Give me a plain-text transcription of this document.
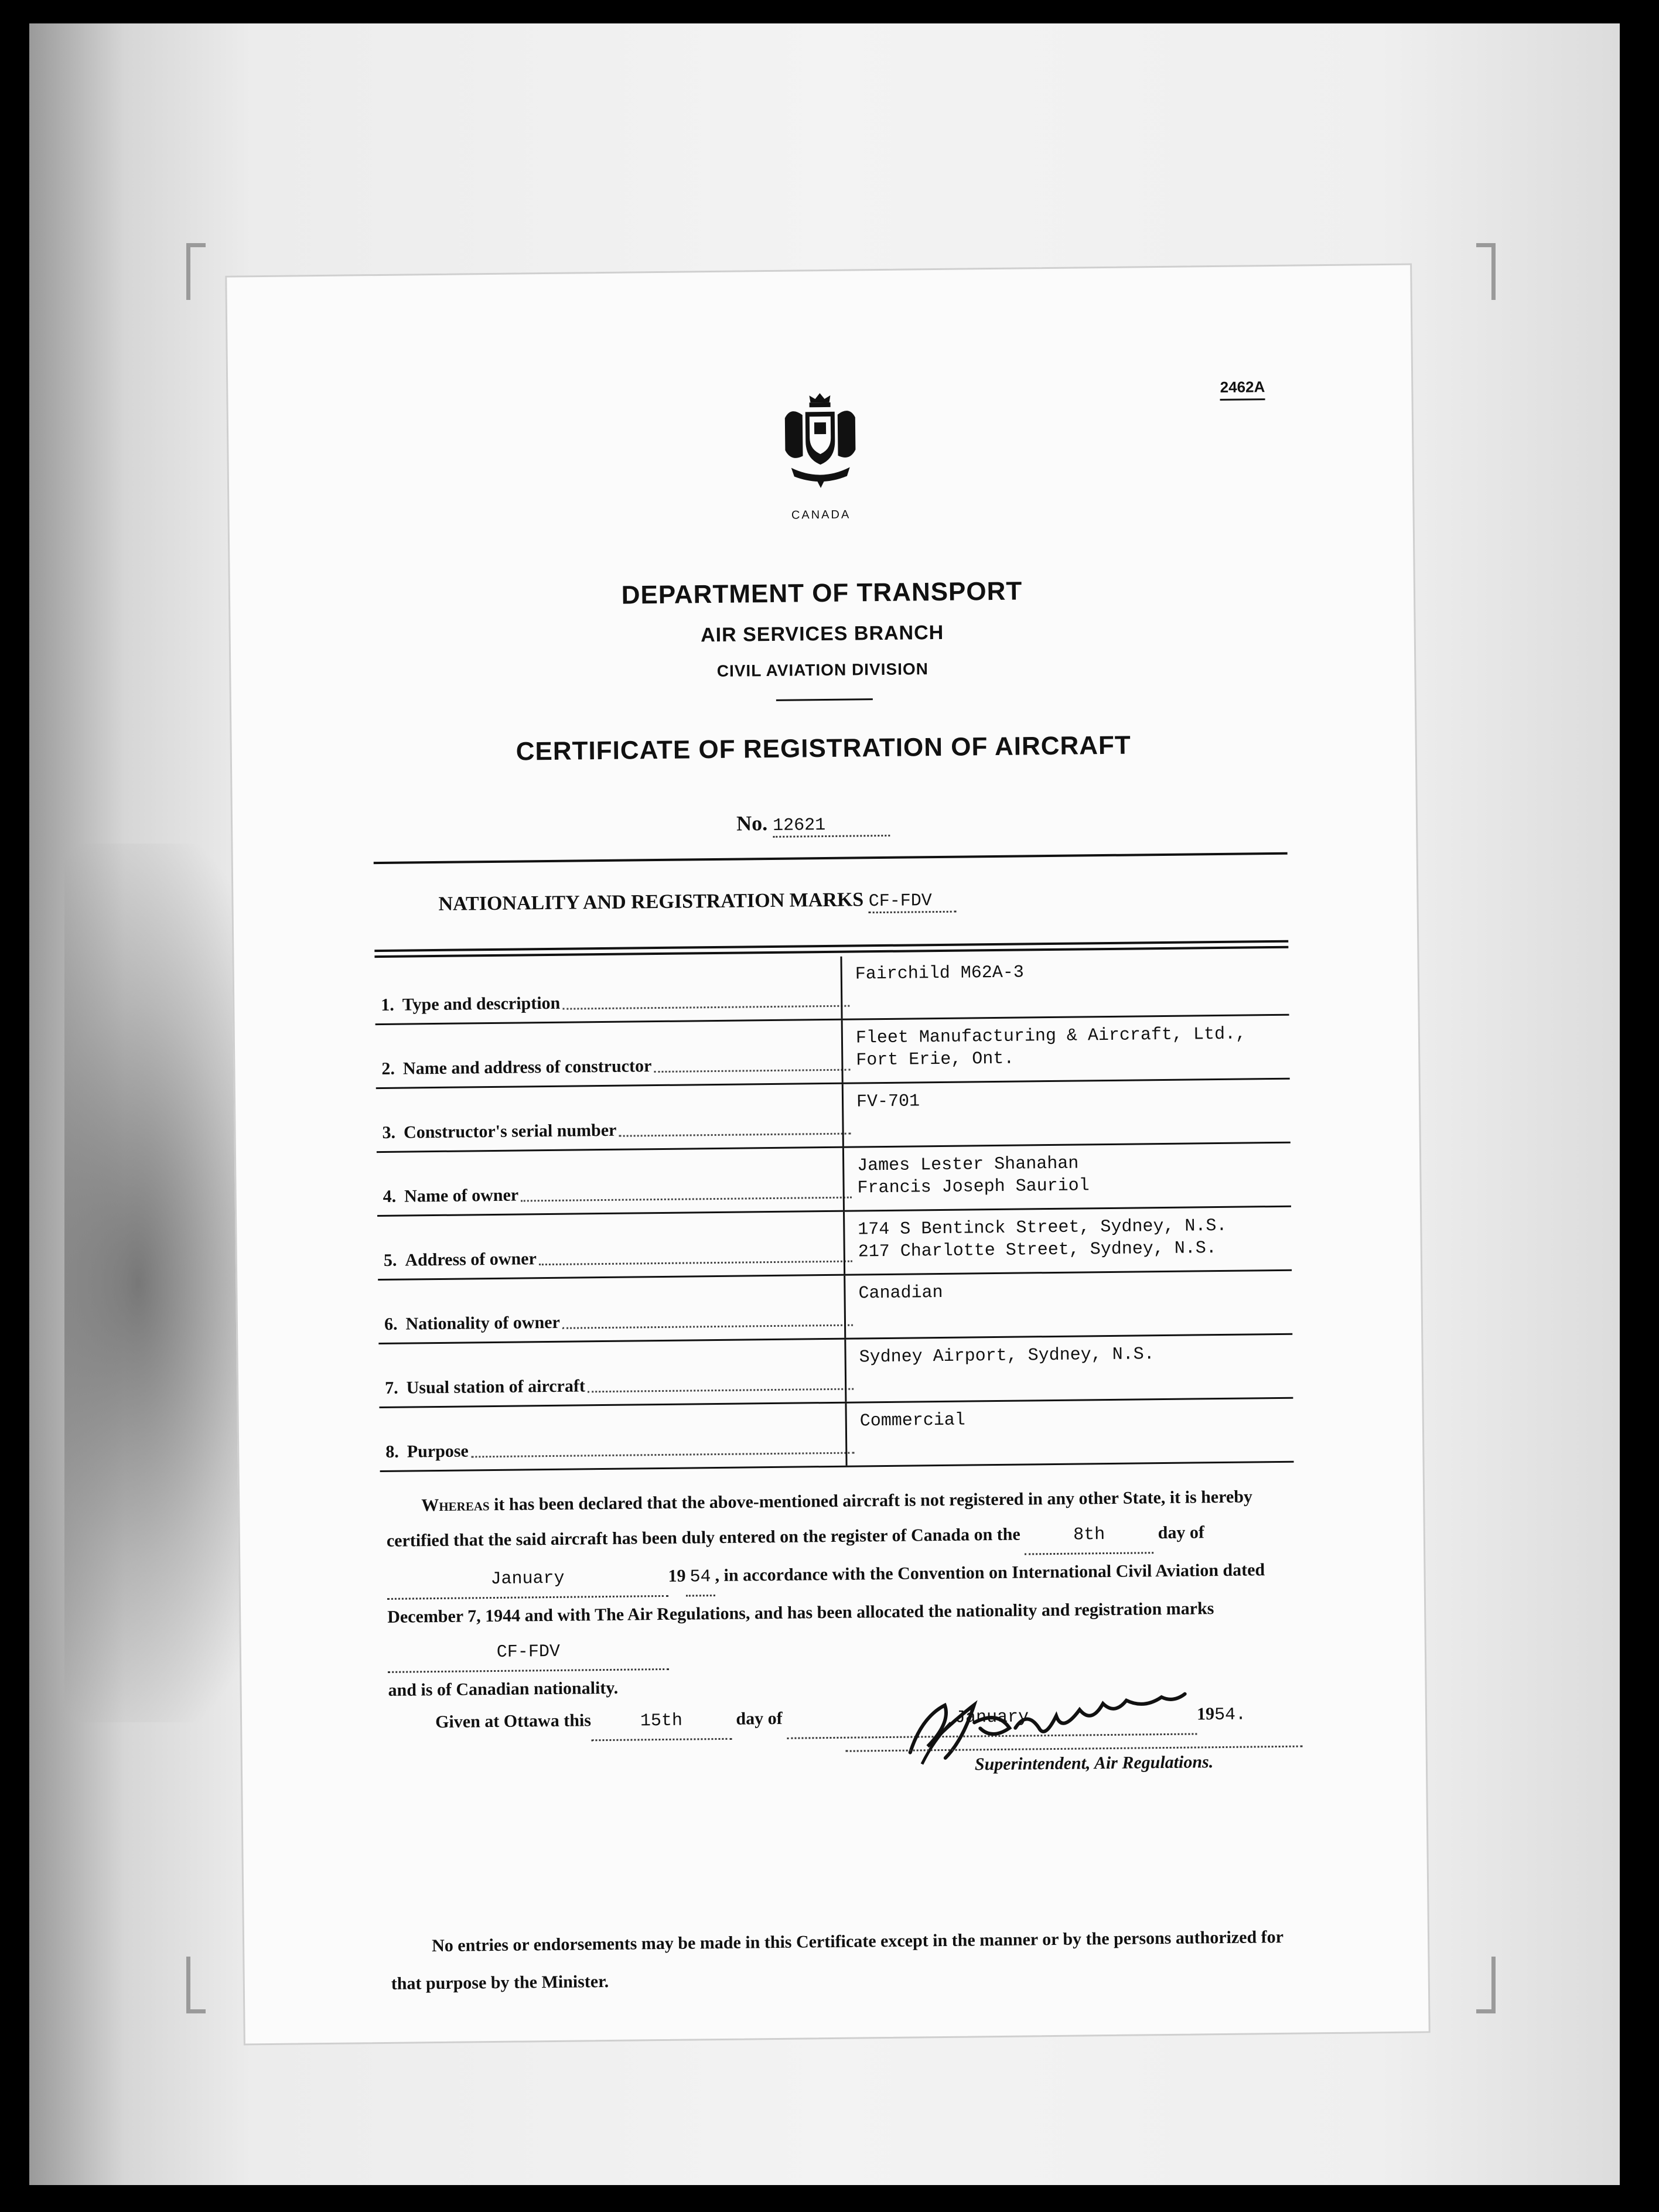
2462A
CANADA
DEPARTMENT OF TRANSPORT
AIR SERVICES BRANCH
CIVIL AVIATION DIVISION
CERTIFICATE OF REGISTRATION OF AIRCRAFT
No. 12621
NATIONALITY AND REGISTRATION MARKS CF-FDV
1. Type and description
Fairchild M62A-3
2. Name and address of constructor
Fleet Manufacturing & Aircraft, Ltd.,
Fort Erie, Ont.
3. Constructor's serial number
FV-701
4. Name of owner
James Lester Shanahan
Francis Joseph Sauriol
5. Address of owner
174 S Bentinck Street, Sydney, N.S.
217 Charlotte Street, Sydney, N.S.
6. Nationality of owner
Canadian
7. Usual station of aircraft
Sydney Airport, Sydney, N.S.
8. Purpose
Commercial
Whereas it has been declared that the above-mentioned aircraft is not registered in any other State, it is hereby certified that the said aircraft has been duly entered on the register of Canada on the	8th	day of January	19 54 , in accordance with the Convention on International Civil Aviation dated December 7, 1944 and with The Air Regulations, and has been allocated the nationality and registration marks CF-FDV
and is of Canadian nationality.
Given at Ottawa this	15th	day of	January	1954.
Superintendent, Air Regulations.
No entries or endorsements may be made in this Certificate except in the manner or by the persons authorized for that purpose by the Minister.
